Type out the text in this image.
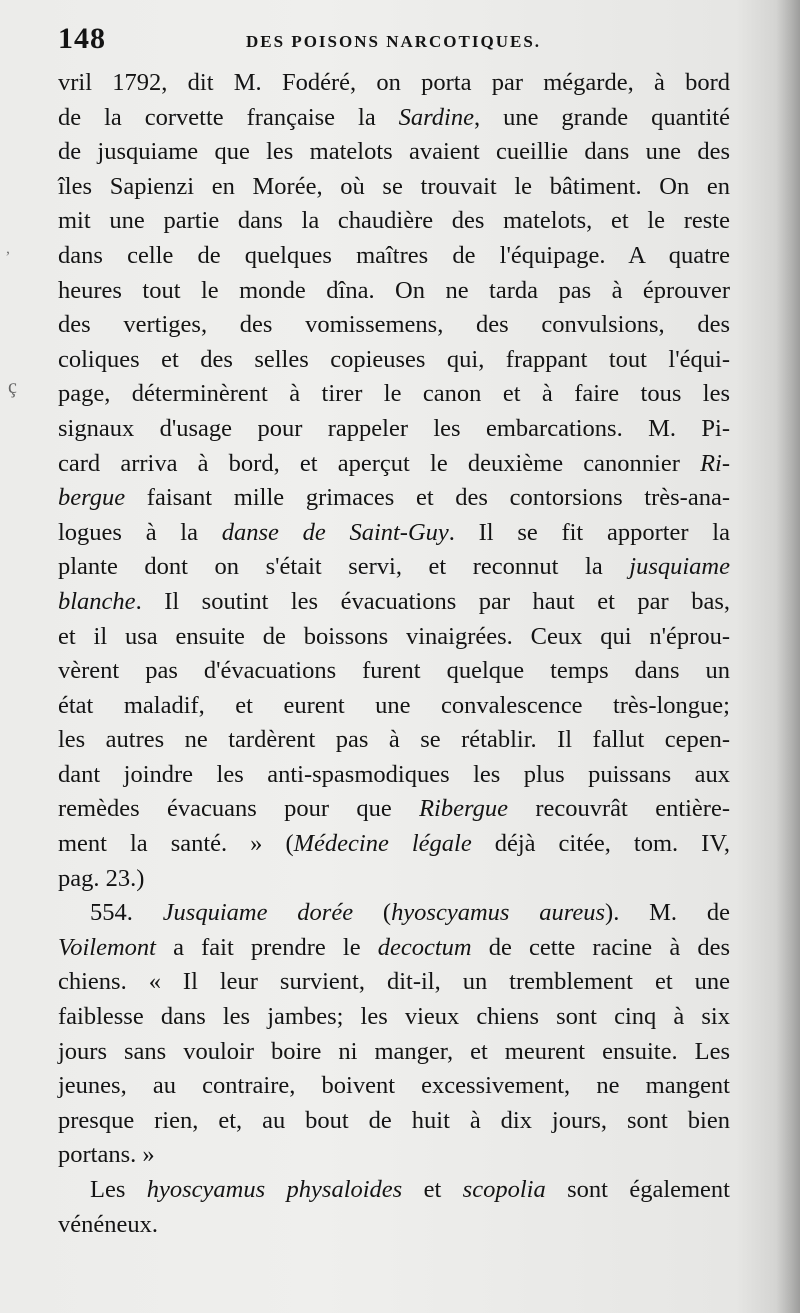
,
ç
148	DES POISONS NARCOTIQUES.
vril 1792, dit M. Fodéré, on porta par mégarde, à bord
de la corvette française la Sardine, une grande quantité
de jusquiame que les matelots avaient cueillie dans une des
îles Sapienzi en Morée, où se trouvait le bâtiment. On en
mit une partie dans la chaudière des matelots, et le reste
dans celle de quelques maîtres de l'équipage. A quatre
heures tout le monde dîna. On ne tarda pas à éprouver
des vertiges, des vomissemens, des convulsions, des
coliques et des selles copieuses qui, frappant tout l'équi-
page, déterminèrent à tirer le canon et à faire tous les
signaux d'usage pour rappeler les embarcations. M. Pi-
card arriva à bord, et aperçut le deuxième canonnier Ri-
bergue faisant mille grimaces et des contorsions très-ana-
logues à la danse de Saint-Guy. Il se fit apporter la
plante dont on s'était servi, et reconnut la jusquiame
blanche. Il soutint les évacuations par haut et par bas,
et il usa ensuite de boissons vinaigrées. Ceux qui n'éprou-
vèrent pas d'évacuations furent quelque temps dans un
état maladif, et eurent une convalescence très-longue;
les autres ne tardèrent pas à se rétablir. Il fallut cepen-
dant joindre les anti-spasmodiques les plus puissans aux
remèdes évacuans pour que Ribergue recouvrât entière-
ment la santé. » (Médecine légale déjà citée, tom. IV,
pag. 23.)
554. Jusquiame dorée (hyoscyamus aureus). M. de
Voilemont a fait prendre le decoctum de cette racine à des
chiens. « Il leur survient, dit-il, un tremblement et une
faiblesse dans les jambes; les vieux chiens sont cinq à six
jours sans vouloir boire ni manger, et meurent ensuite. Les
jeunes, au contraire, boivent excessivement, ne mangent
presque rien, et, au bout de huit à dix jours, sont bien
portans. »
Les hyoscyamus physaloides et scopolia sont également
vénéneux.
